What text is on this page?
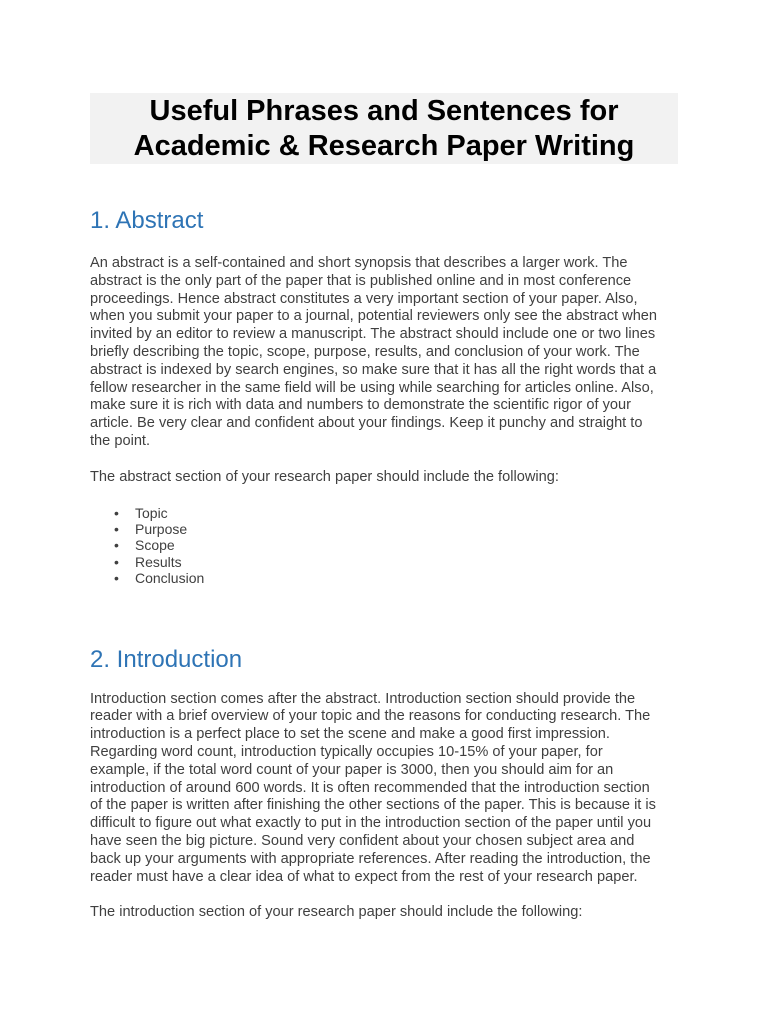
Useful Phrases and Sentences for
Academic & Research Paper Writing
1. Abstract
An abstract is a self-contained and short synopsis that describes a larger work. The
abstract is the only part of the paper that is published online and in most conference
proceedings. Hence abstract constitutes a very important section of your paper. Also,
when you submit your paper to a journal, potential reviewers only see the abstract when
invited by an editor to review a manuscript. The abstract should include one or two lines
briefly describing the topic, scope, purpose, results, and conclusion of your work. The
abstract is indexed by search engines, so make sure that it has all the right words that a
fellow researcher in the same field will be using while searching for articles online. Also,
make sure it is rich with data and numbers to demonstrate the scientific rigor of your
article. Be very clear and confident about your findings. Keep it punchy and straight to
the point.

The abstract section of your research paper should include the following:

• Topic
• Purpose
• Scope
• Results
• Conclusion
2. Introduction
Introduction section comes after the abstract. Introduction section should provide the
reader with a brief overview of your topic and the reasons for conducting research. The
introduction is a perfect place to set the scene and make a good first impression.
Regarding word count, introduction typically occupies 10-15% of your paper, for
example, if the total word count of your paper is 3000, then you should aim for an
introduction of around 600 words. It is often recommended that the introduction section
of the paper is written after finishing the other sections of the paper. This is because it is
difficult to figure out what exactly to put in the introduction section of the paper until you
have seen the big picture. Sound very confident about your chosen subject area and
back up your arguments with appropriate references. After reading the introduction, the
reader must have a clear idea of what to expect from the rest of your research paper.

The introduction section of your research paper should include the following:
